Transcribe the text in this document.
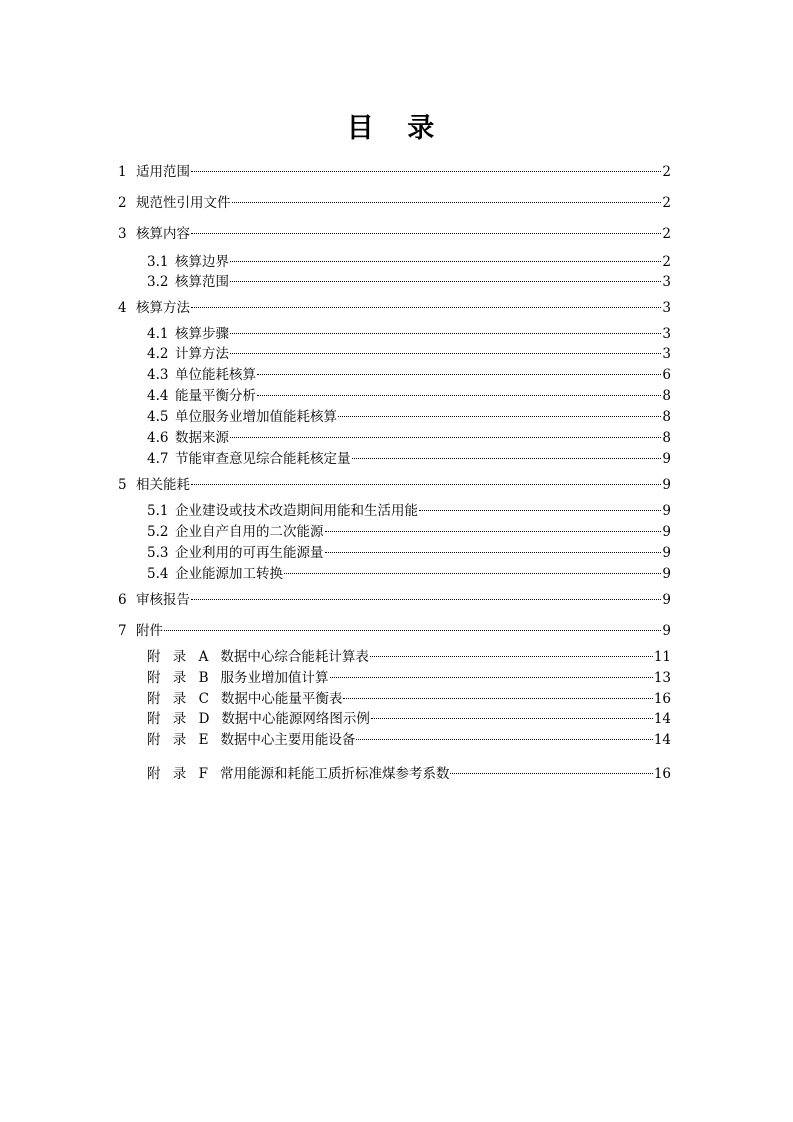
目 录
1 适用范围	2
2 规范性引用文件	2
3 核算内容	2
3.1 核算边界	2
3.2 核算范围	3
4 核算方法	3
4.1 核算步骤	3
4.2 计算方法	3
4.3 单位能耗核算	6
4.4 能量平衡分析	8
4.5 单位服务业增加值能耗核算	8
4.6 数据来源	8
4.7 节能审查意见综合能耗核定量	9
5 相关能耗	9
5.1 企业建设或技术改造期间用能和生活用能	9
5.2 企业自产自用的二次能源	9
5.3 企业利用的可再生能源量	9
5.4 企业能源加工转换	9
6 审核报告	9
7 附件	9
附 录 A 数据中心综合能耗计算表	11
附 录 B 服务业增加值计算	13
附 录 C 数据中心能量平衡表	16
附 录 D 数据中心能源网络图示例	14
附 录 E 数据中心主要用能设备	14
附 录 F 常用能源和耗能工质折标准煤参考系数	16
